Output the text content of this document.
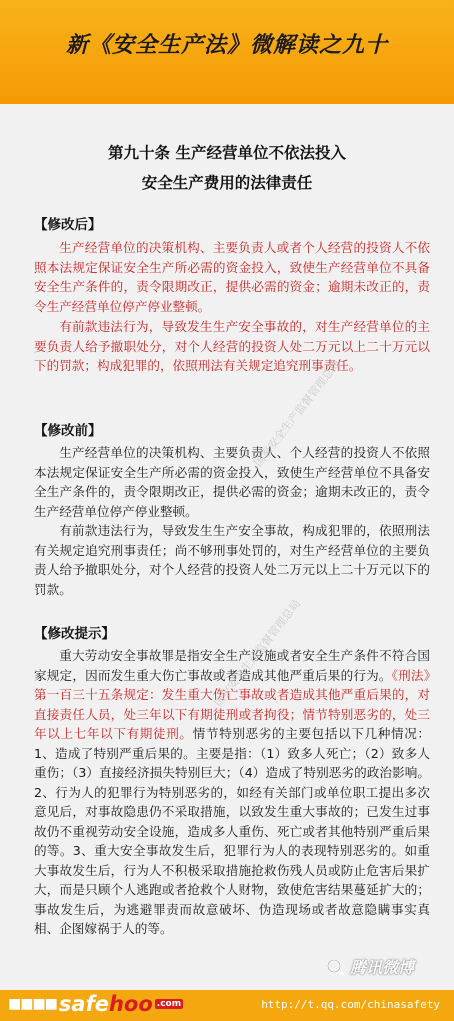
新《安全生产法》微解读之九十
第九十条 生产经营单位不依法投入
安全生产费用的法律责任
【修改后】

生产经营单位的决策机构、主要负责人或者个人经营的投资人不依照本法规定保证安全生产所必需的资金投入，致使生产经营单位不具备安全生产条件的，责令限期改正，提供必需的资金；逾期未改正的，责令生产经营单位停产停业整顿。

有前款违法行为，导致发生生产安全事故的，对生产经营单位的主要负责人给予撤职处分，对个人经营的投资人处二万元以上二十万元以下的罚款；构成犯罪的，依照刑法有关规定追究刑事责任。

【修改前】

生产经营单位的决策机构、主要负责人、个人经营的投资人不依照本法规定保证安全生产所必需的资金投入，致使生产经营单位不具备安全生产条件的，责令限期改正，提供必需的资金；逾期未改正的，责令生产经营单位停产停业整顿。

有前款违法行为，导致发生生产安全事故，构成犯罪的，依照刑法有关规定追究刑事责任；尚不够刑事处罚的，对生产经营单位的主要负责人给予撤职处分，对个人经营的投资人处二万元以上二十万元以下的罚款。

【修改提示】

重大劳动安全事故罪是指安全生产设施或者安全生产条件不符合国家规定，因而发生重大伤亡事故或者造成其他严重后果的行为。《刑法》第一百三十五条规定：发生重大伤亡事故或者造成其他严重后果的，对直接责任人员，处三年以下有期徒刑或者拘役；情节特别恶劣的，处三年以上七年以下有期徒刑。情节特别恶劣的主要包括以下几种情况：1、造成了特别严重后果的。主要是指：（1）致多人死亡；（2）致多人重伤；（3）直接经济损失特别巨大；（4）造成了特别恶劣的政治影响。2、行为人的犯罪行为特别恶劣的，如经有关部门或单位职工提出多次意见后，对事故隐患仍不采取措施，以致发生重大事故的；已发生过事故仍不重视劳动安全设施，造成多人重伤、死亡或者其他特别严重后果的等。3、重大安全事故发生后，犯罪行为人的表现特别恶劣的。如重大事故发生后，行为人不积极采取措施抢救伤残人员或防止危害后果扩大，而是只顾个人逃跑或者抢救个人财物，致使危害结果蔓延扩大的；事故发生后，为逃避罪责而故意破坏、伪造现场或者故意隐瞒事实真相、企图嫁祸于人的等。

国家安全生产监督管理总局
国家安全生产监督管理总局
腾讯微博
■■■■ safe hoo .com	http://t.qq.com/chinasafety
